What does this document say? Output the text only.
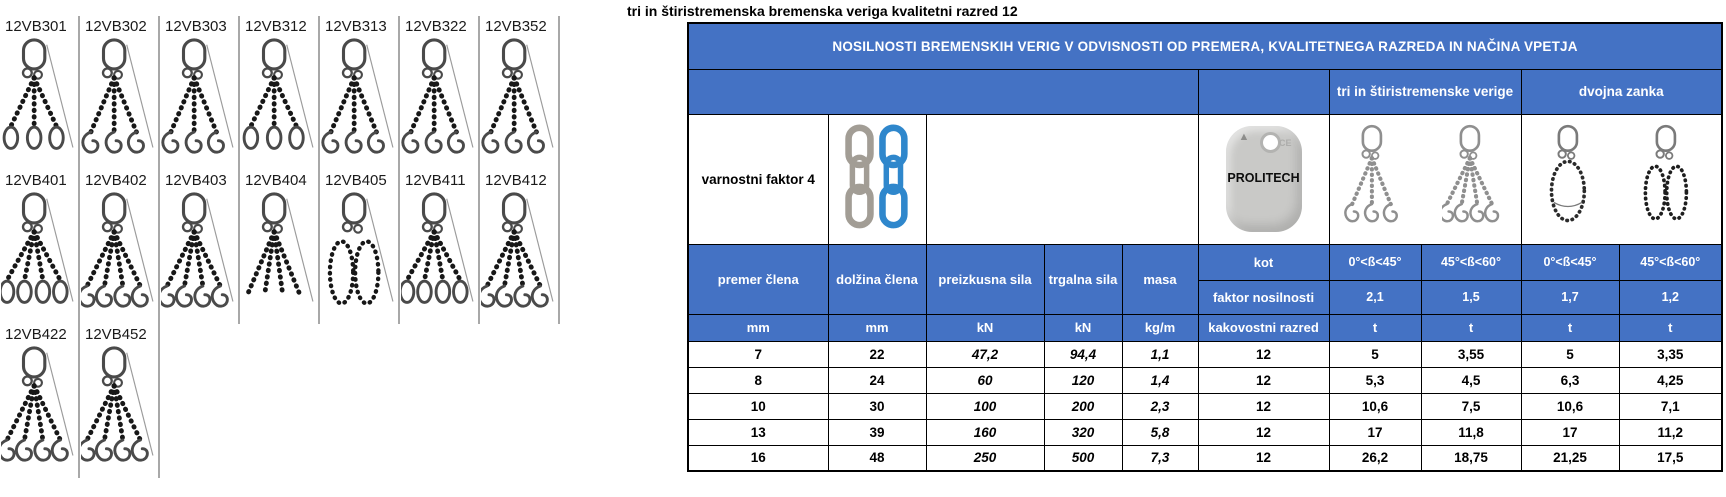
12VB301	12VB302	12VB303	12VB312	12VB313	12VB322	12VB352
12VB401	12VB402	12VB403	12VB404	12VB405	12VB411	12VB412
12VB422	12VB452
tri in štiristremenska bremenska veriga kvalitetni razred 12
NOSILNOSTI BREMENSKIH VERIG V ODVISNOSTI OD PREMERA, KVALITETNEGA RAZREDA IN NAČINA VPETJA									
						tri in štiristremenske verige		dvojna zanka	
varnostni faktor 4					▲ CE
PROLITECH

premer člena	dolžina člena	preizkusna sila	trgalna sila	masa	kot	0°<ß<45°	45°<ß<60°	0°<ß<45°	45°<ß<60°
					faktor nosilnosti	2,1	1,5	1,7	1,2
mm	mm	kN	kN	kg/m	kakovostni razred	t	t	t	t
7	22	47,2	94,4	1,1	12	5	3,55	5	3,35
8	24	60	120	1,4	12	5,3	4,5	6,3	4,25
10	30	100	200	2,3	12	10,6	7,5	10,6	7,1
13	39	160	320	5,8	12	17	11,8	17	11,2
16	48	250	500	7,3	12	26,2	18,75	21,25	17,5
